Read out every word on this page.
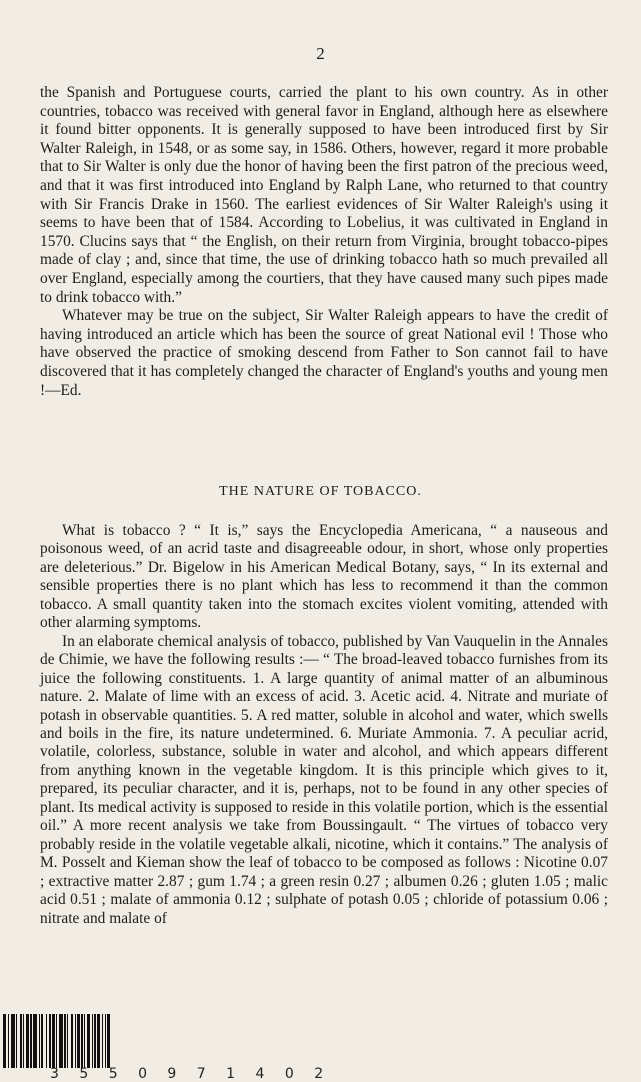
2

the Spanish and Portuguese courts, carried the plant to his own country. As in other countries, tobacco was received with general favor in England, although here as elsewhere it found bitter opponents. It is generally supposed to have been introduced first by Sir Walter Raleigh, in 1548, or as some say, in 1586. Others, however, regard it more probable that to Sir Walter is only due the honor of having been the first patron of the precious weed, and that it was first introduced into England by Ralph Lane, who returned to that country with Sir Francis Drake in 1560. The earliest evidences of Sir Walter Raleigh's using it seems to have been that of 1584. According to Lobelius, it was cultivated in England in 1570. Clucins says that “ the English, on their return from Virginia, brought tobacco-pipes made of clay ; and, since that time, the use of drinking tobacco hath so much prevailed all over England, especially among the courtiers, that they have caused many such pipes made to drink tobacco with.”

Whatever may be true on the subject, Sir Walter Raleigh appears to have the credit of having introduced an article which has been the source of great National evil ! Those who have observed the practice of smoking descend from Father to Son cannot fail to have discovered that it has completely changed the character of England's youths and young men !—Ed.

THE NATURE OF TOBACCO.

What is tobacco ? “ It is,” says the Encyclopedia Americana, “ a nauseous and poisonous weed, of an acrid taste and disagreeable odour, in short, whose only properties are deleterious.” Dr. Bigelow in his American Medical Botany, says, “ In its external and sensible properties there is no plant which has less to recommend it than the common tobacco. A small quantity taken into the stomach excites violent vomiting, attended with other alarming symptoms.

In an elaborate chemical analysis of tobacco, published by Van Vauquelin in the Annales de Chimie, we have the following results :— “ The broad-leaved tobacco furnishes from its juice the following constituents. 1. A large quantity of animal matter of an albuminous nature. 2. Malate of lime with an excess of acid. 3. Acetic acid. 4. Nitrate and muriate of potash in observable quantities. 5. A red matter, soluble in alcohol and water, which swells and boils in the fire, its nature undetermined. 6. Muriate Ammonia. 7. A peculiar acrid, volatile, colorless, substance, soluble in water and alcohol, and which appears different from anything known in the vegetable kingdom. It is this principle which gives to it, prepared, its peculiar character, and it is, perhaps, not to be found in any other species of plant. Its medical activity is supposed to reside in this volatile portion, which is the essential oil.” A more recent analysis we take from Boussingault. “ The virtues of tobacco very probably reside in the volatile vegetable alkali, nicotine, which it contains.” The analysis of M. Posselt and Kieman show the leaf of tobacco to be composed as follows : Nicotine 0.07 ; extractive matter 2.87 ; gum 1.74 ; a green resin 0.27 ; albumen 0.26 ; gluten 1.05 ; malic acid 0.51 ; malate of ammonia 0.12 ; sulphate of potash 0.05 ; chloride of potassium 0.06 ; nitrate and malate of

3 5 5 0 9 7 1 4 0 2
